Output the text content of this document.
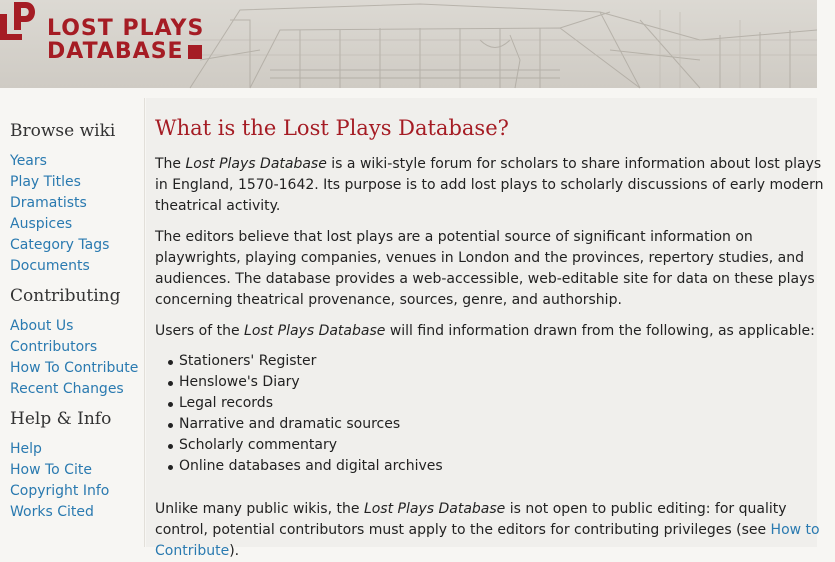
LOST PLAYS
DATABASE
Browse wiki
Years
Play Titles
Dramatists
Auspices
Category Tags
Documents
Contributing
About Us
Contributors
How To Contribute
Recent Changes
Help & Info
Help
How To Cite
Copyright Info
Works Cited
What is the Lost Plays Database?

The Lost Plays Database is a wiki-style forum for scholars to share information about lost plays in England, 1570-1642. Its purpose is to add lost plays to scholarly discussions of early modern theatrical activity.

The editors believe that lost plays are a potential source of significant information on playwrights, playing companies, venues in London and the provinces, repertory studies, and audiences. The database provides a web-accessible, web-editable site for data on these plays concerning theatrical provenance, sources, genre, and authorship.

Users of the Lost Plays Database will find information drawn from the following, as applicable:

Stationers' Register
Henslowe's Diary
Legal records
Narrative and dramatic sources
Scholarly commentary
Online databases and digital archives

Unlike many public wikis, the Lost Plays Database is not open to public editing: for quality control, potential contributors must apply to the editors for contributing privileges (see How to Contribute).
